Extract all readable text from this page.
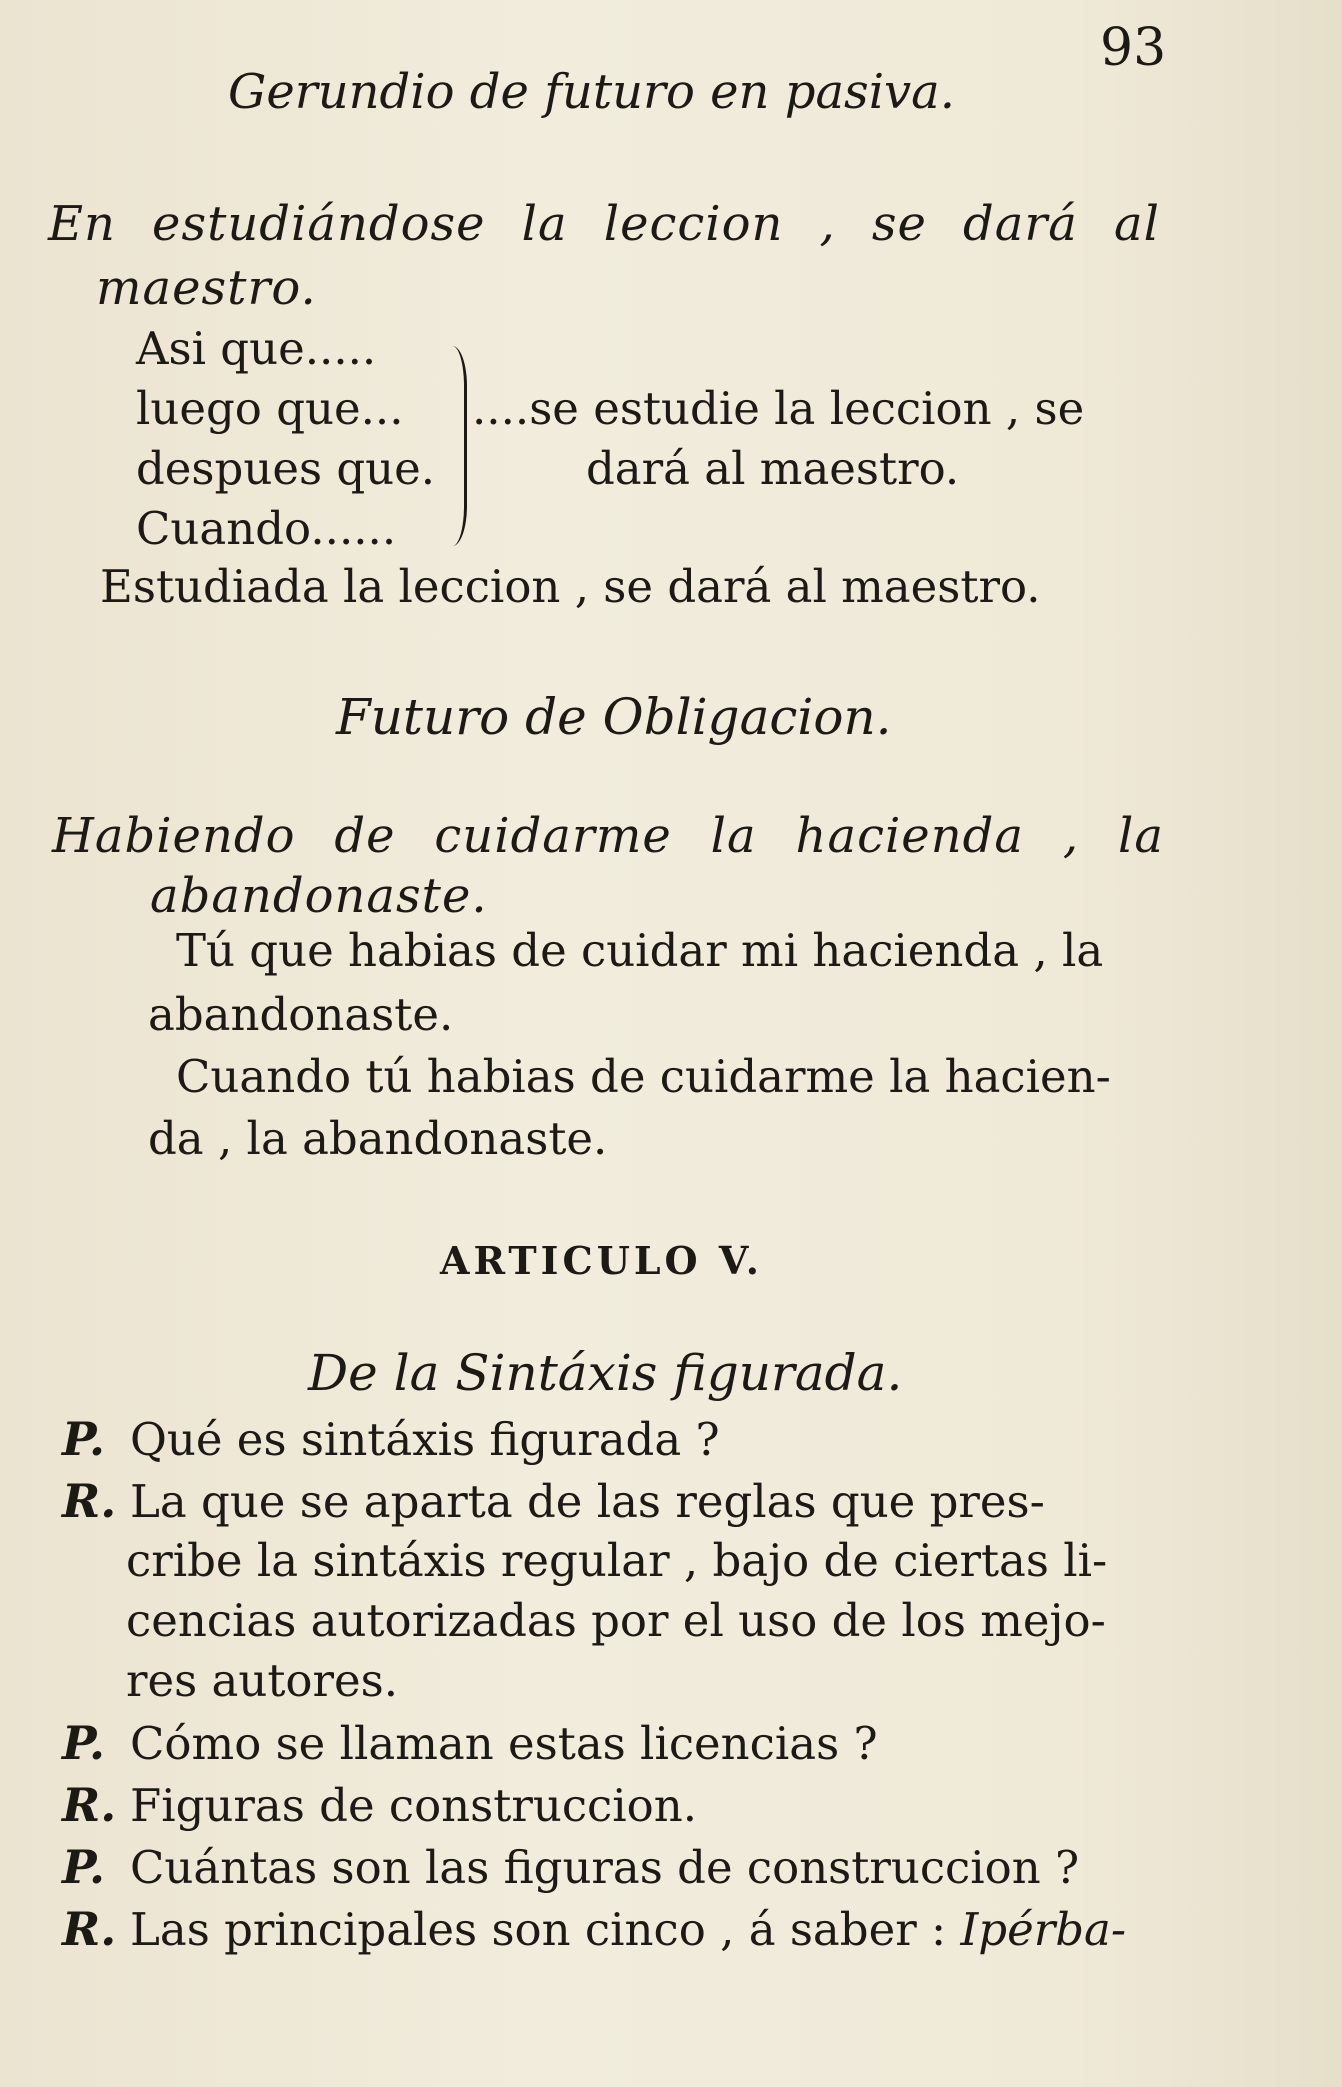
93
Gerundio de futuro en pasiva.
En estudiándose la leccion , se dará al
maestro.
Asi que.....
luego que...
despues que.
Cuando......
....se estudie la leccion , se
dará al maestro.
Estudiada la leccion , se dará al maestro.
Futuro de Obligacion.
Habiendo de cuidarme la hacienda , la
abandonaste.
Tú que habias de cuidar mi hacienda , la
abandonaste.
Cuando tú habias de cuidarme la hacien-
da , la abandonaste.
ARTICULO V.
De la Sintáxis figurada.
P. Qué es sintáxis figurada ?
R. La que se aparta de las reglas que pres-
cribe la sintáxis regular , bajo de ciertas li-
cencias autorizadas por el uso de los mejo-
res autores.
P. Cómo se llaman estas licencias ?
R. Figuras de construccion.
P. Cuántas son las figuras de construccion ?
R. Las principales son cinco , á saber : Ipérba-
